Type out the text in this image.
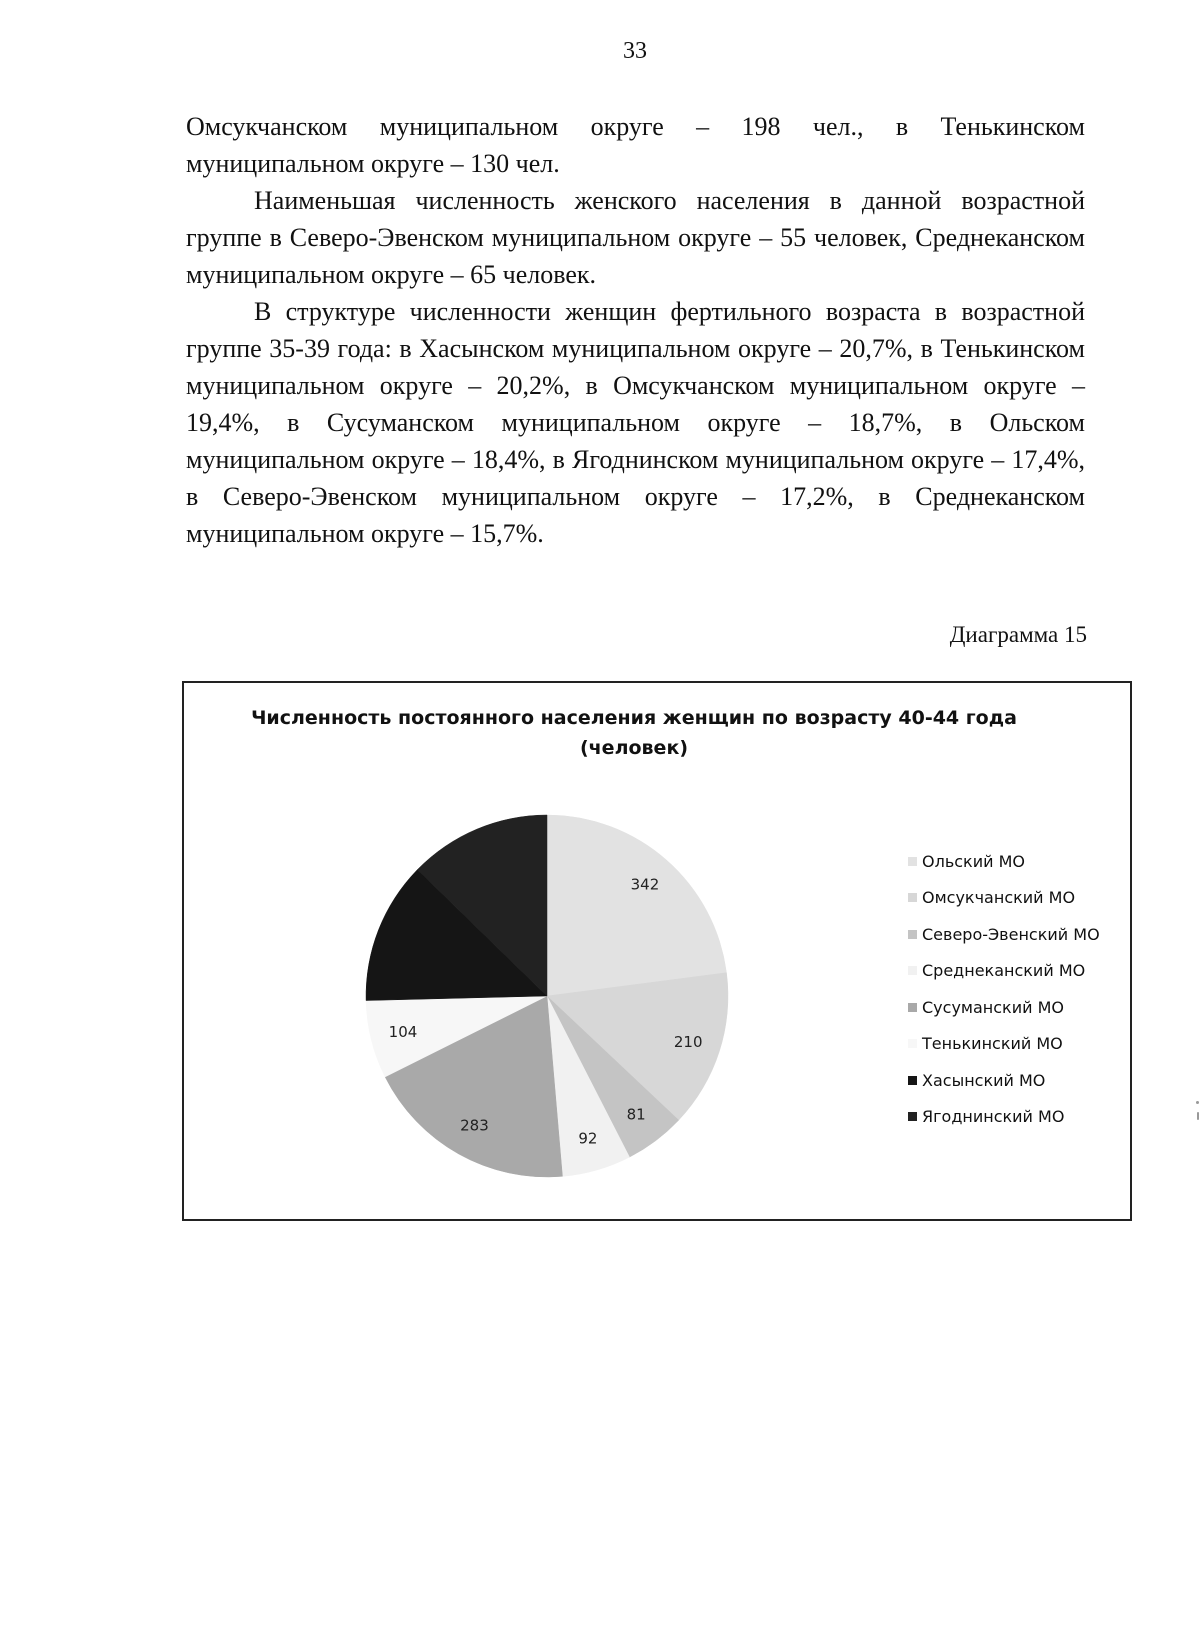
33

Омсукчанском муниципальном округе – 198 чел., в Тенькинском муниципальном округе – 130 чел.

Наименьшая численность женского населения в данной возрастной группе в Северо-Эвенском муниципальном округе – 55 человек, Среднеканском муниципальном округе – 65 человек.

В структуре численности женщин фертильного возраста в возрастной группе 35-39 года: в Хасынском муниципальном округе – 20,7%, в Тенькинском муниципальном округе – 20,2%, в Омсукчанском муниципальном округе – 19,4%, в Сусуманском муниципальном округе – 18,7%, в Ольском муниципальном округе – 18,4%, в Ягоднинском муниципальном округе – 17,4%, в Северо-Эвенском муниципальном округе – 17,2%, в Среднеканском муниципальном округе – 15,7%.

Диаграмма 15
Численность постоянного населения женщин по возрасту 40-44 года (человек)
342
210
81
92
283
104
Ольский МО
Омсукчанский МО
Северо-Эвенский МО
Среднеканский МО
Сусуманский МО
Тенькинский МО
Хасынский МО
Ягоднинский МО
